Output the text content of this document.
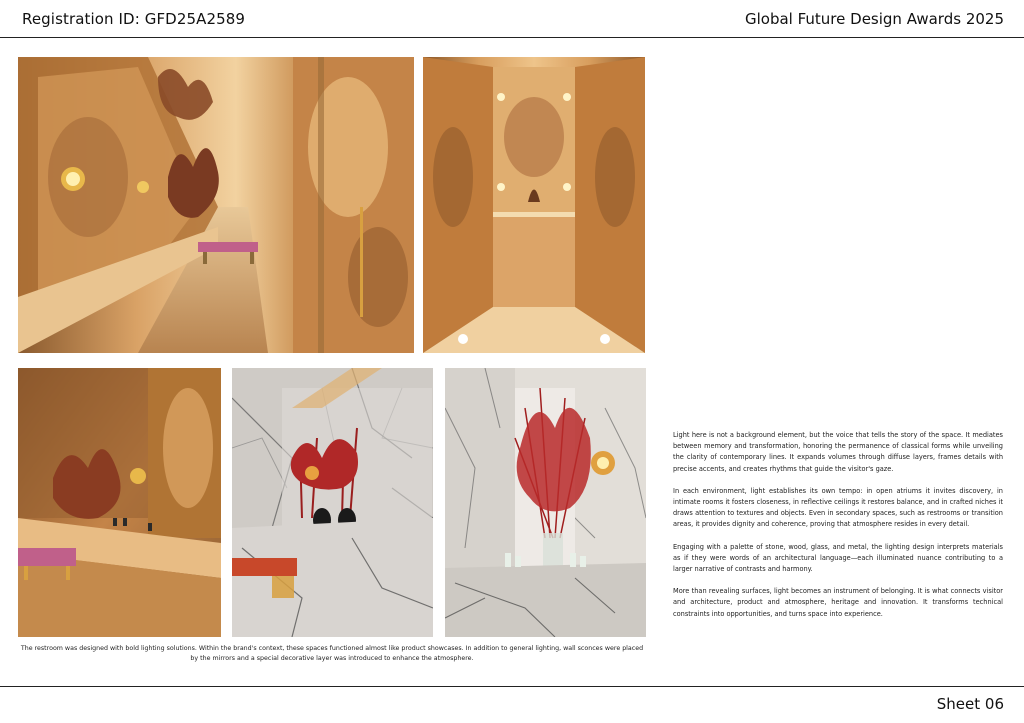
Registration ID: GFD25A2589	Global Future Design Awards 2025
The restroom was designed with bold lighting solutions. Within the brand's context, these spaces functioned almost like product showcases. In addition to general lighting, wall sconces were placed by the mirrors and a special decorative layer was introduced to enhance the atmosphere.

Light here is not a background element, but the voice that tells the story of the space. It mediates between memory and transformation, honoring the permanence of classical forms while unveiling the clarity of contemporary lines. It expands volumes through diffuse layers, frames details with precise accents, and creates rhythms that guide the visitor's gaze.

In each environment, light establishes its own tempo: in open atriums it invites discovery, in intimate rooms it fosters closeness, in reflective ceilings it restores balance, and in crafted niches it draws attention to textures and objects. Even in secondary spaces, such as restrooms or transition areas, it provides dignity and coherence, proving that atmosphere resides in every detail.

Engaging with a palette of stone, wood, glass, and metal, the lighting design interprets materials as if they were words of an architectural language—each illuminated nuance contributing to a larger narrative of contrasts and harmony.

More than revealing surfaces, light becomes an instrument of belonging. It is what connects visitor and architecture, product and atmosphere, heritage and innovation. It transforms technical constraints into opportunities, and turns space into experience.

Sheet 06
